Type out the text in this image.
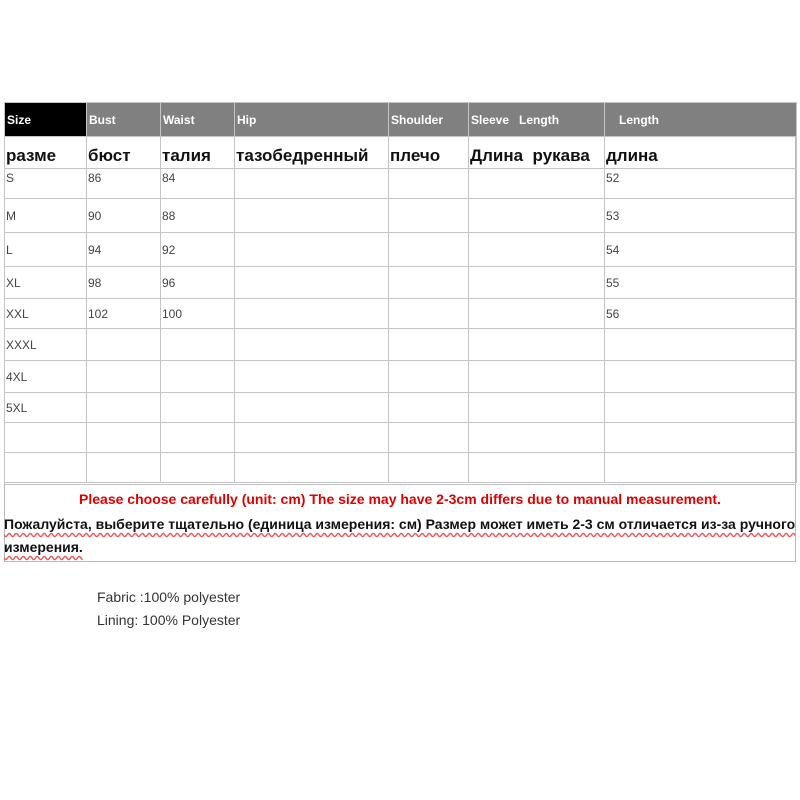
Size	Bust	Waist	Hip	Shoulder	Sleeve   Length	Length
разме	бюст	талия	тазобедренный	плечо	Длина  рукава	длина
S	86	84				52
M	90	88				53
L	94	92				54
XL	98	96				55
XXL	102	100				56
XXXL						
4XL						
5XL						

Please choose carefully (unit: cm) The size may have 2-3cm differs due to manual measurement.
Пожалуйста, выберите тщательно (единица измерения: см) Размер может иметь 2-3 см отличается из-за ручного измерения.
Fabric :100% polyester
Lining: 100% Polyester
